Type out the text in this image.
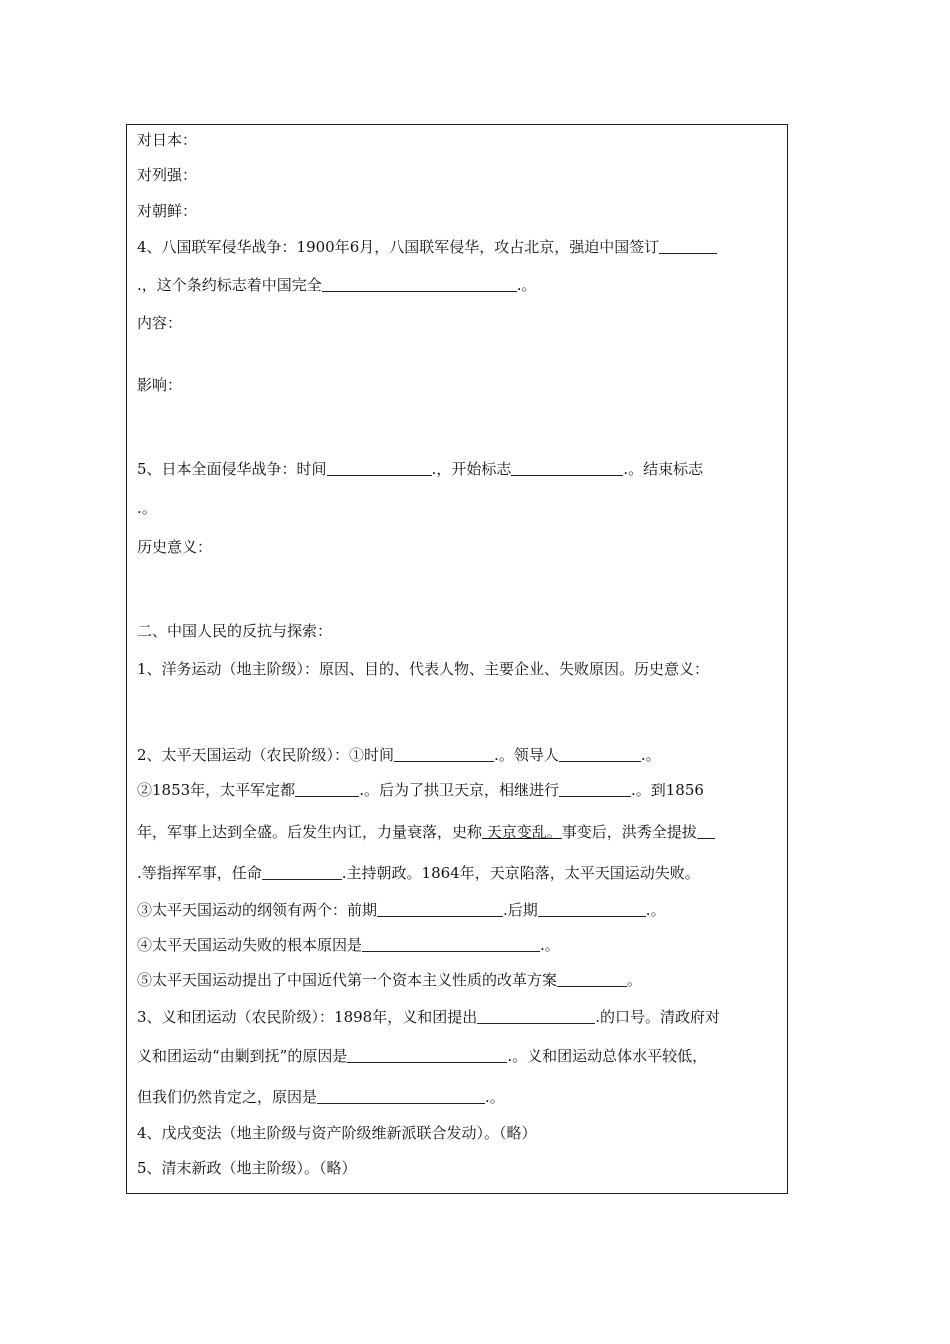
对日本：
对列强：
对朝鲜：
4、八国联军侵华战争：1900年6月，八国联军侵华，攻占北京，强迫中国签订
.，这个条约标志着中国完全	.。
内容：
影响：
5、日本全面侵华战争：时间	.，开始标志	.。结束标志
.。
历史意义：
二、中国人民的反抗与探索：
1、洋务运动（地主阶级）：原因、目的、代表人物、主要企业、失败原因。历史意义：
2、太平天国运动（农民阶级）：①时间	.。领导人	.。
②1853年，太平军定都	.。后为了拱卫天京，相继进行	.。到1856
年，军事上达到全盛。后发生内讧，力量衰落，史称 天京变乱。事变后，洪秀全提拔
.等指挥军事，任命	.主持朝政。1864年，天京陷落，太平天国运动失败。
③太平天国运动的纲领有两个：前期	.后期	.。
④太平天国运动失败的根本原因是	.。
⑤太平天国运动提出了中国近代第一个资本主义性质的改革方案	。
3、义和团运动（农民阶级）：1898年，义和团提出	.的口号。清政府对
义和团运动“由剿到抚”的原因是	.。义和团运动总体水平较低，
但我们仍然肯定之，原因是	.。
4、戊戌变法（地主阶级与资产阶级维新派联合发动）。（略）
5、清末新政（地主阶级）。（略）
